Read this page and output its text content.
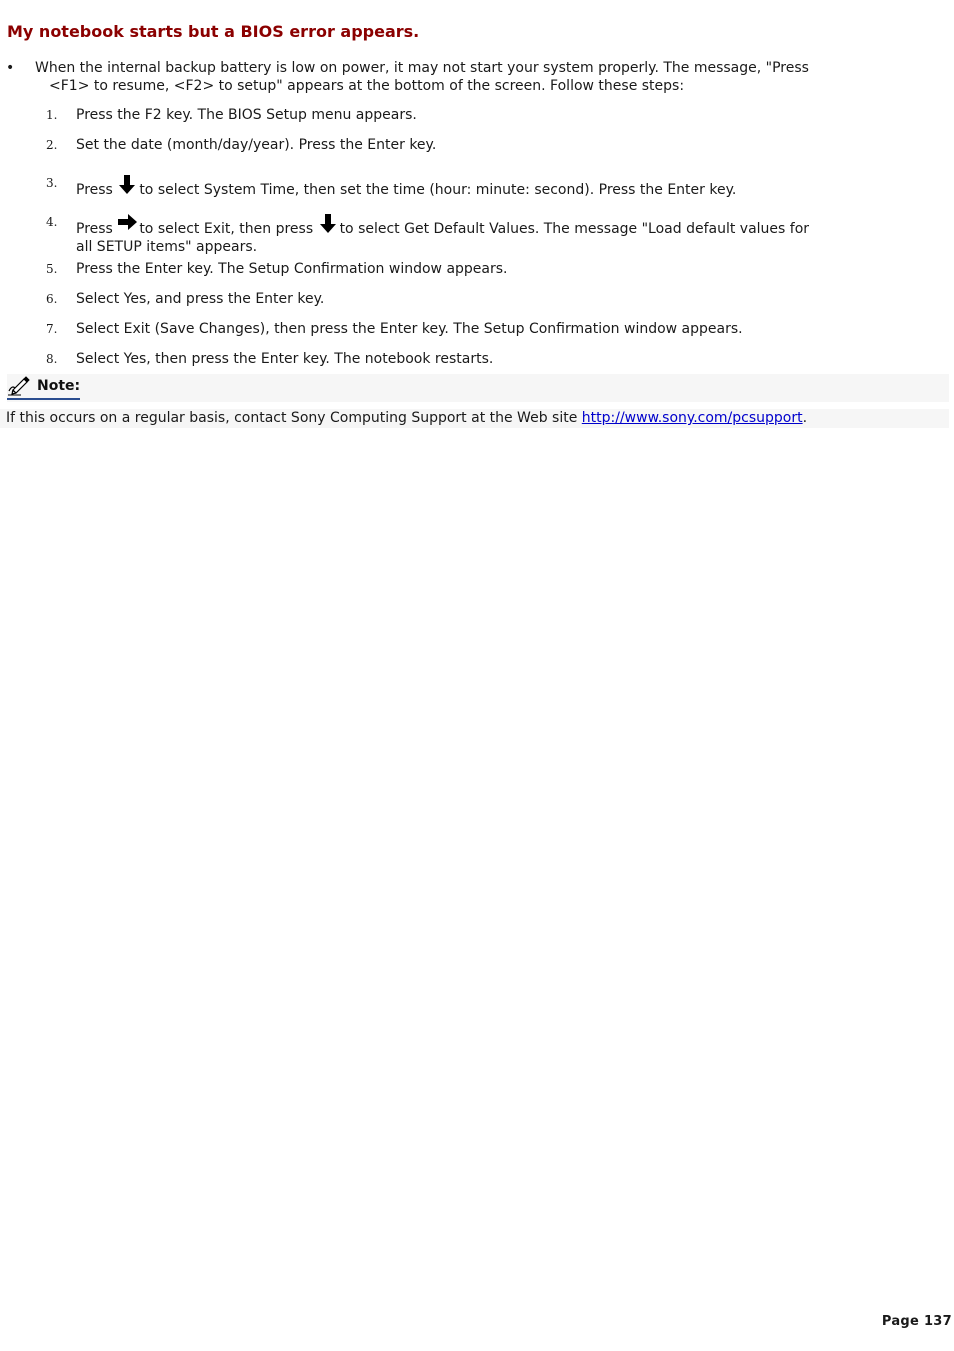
My notebook starts but a BIOS error appears.
• When the internal backup battery is low on power, it may not start your system properly. The message, "Press

<F1> to resume, <F2> to setup" appears at the bottom of the screen. Follow these steps:
1. Press the F2 key. The BIOS Setup menu appears.
2. Set the date (month/day/year). Press the Enter key.
3. Press to select System Time, then set the time (hour: minute: second). Press the Enter key.
4. Press to select Exit, then press to select Get Default Values. The message "Load default values for
all SETUP items" appears.
5. Press the Enter key. The Setup Confirmation window appears.
6. Select Yes, and press the Enter key.
7. Select Exit (Save Changes), then press the Enter key. The Setup Confirmation window appears.
8. Select Yes, then press the Enter key. The notebook restarts.
Note:
If this occurs on a regular basis, contact Sony Computing Support at the Web site http://www.sony.com/pcsupport.
Page 137
